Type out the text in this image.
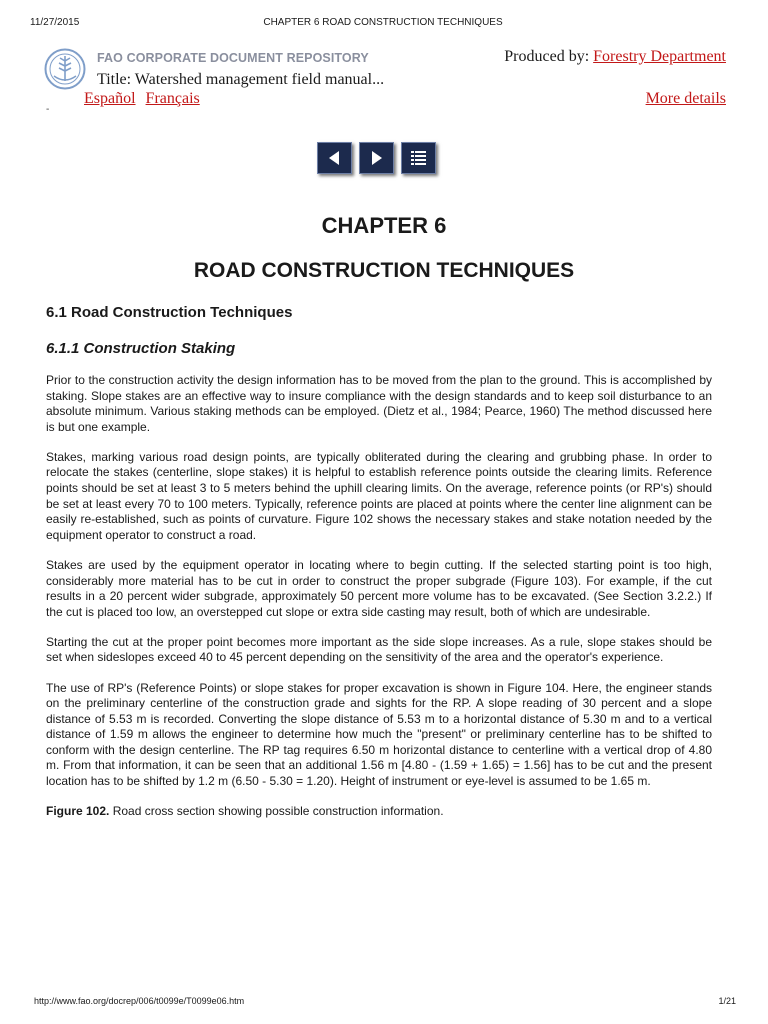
11/27/2015	CHAPTER 6 ROAD CONSTRUCTION TECHNIQUES
FAO CORPORATE DOCUMENT REPOSITORY	Produced by: Forestry Department
Title: Watershed management field manual...
Español Français	More details
-
CHAPTER 6
ROAD CONSTRUCTION TECHNIQUES
6.1 Road Construction Techniques
6.1.1 Construction Staking

Prior to the construction activity the design information has to be moved from the plan to the ground. This is accomplished by staking. Slope stakes are an effective way to insure compliance with the design standards and to keep soil disturbance to an absolute minimum. Various staking methods can be employed. (Dietz et al., 1984; Pearce, 1960) The method discussed here is but one example.

Stakes, marking various road design points, are typically obliterated during the clearing and grubbing phase. In order to relocate the stakes (centerline, slope stakes) it is helpful to establish reference points outside the clearing limits. Reference points should be set at least 3 to 5 meters behind the uphill clearing limits. On the average, reference points (or RP's) should be set at least every 70 to 100 meters. Typically, reference points are placed at points where the center line alignment can be easily re-established, such as points of curvature. Figure 102 shows the necessary stakes and stake notation needed by the equipment operator to construct a road.

Stakes are used by the equipment operator in locating where to begin cutting. If the selected starting point is too high, considerably more material has to be cut in order to construct the proper subgrade (Figure 103). For example, if the cut results in a 20 percent wider subgrade, approximately 50 percent more volume has to be excavated. (See Section 3.2.2.) If the cut is placed too low, an overstepped cut slope or extra side casting may result, both of which are undesirable.

Starting the cut at the proper point becomes more important as the side slope increases. As a rule, slope stakes should be set when sideslopes exceed 40 to 45 percent depending on the sensitivity of the area and the operator's experience.

The use of RP's (Reference Points) or slope stakes for proper excavation is shown in Figure 104. Here, the engineer stands on the preliminary centerline of the construction grade and sights for the RP. A slope reading of 30 percent and a slope distance of 5.53 m is recorded. Converting the slope distance of 5.53 m to a horizontal distance of 5.30 m and to a vertical distance of 1.59 m allows the engineer to determine how much the "present" or preliminary centerline has to be shifted to conform with the design centerline. The RP tag requires 6.50 m horizontal distance to centerline with a vertical drop of 4.80 m. From that information, it can be seen that an additional 1.56 m [4.80 - (1.59 + 1.65) = 1.56] has to be cut and the present location has to be shifted by 1.2 m (6.50 - 5.30 = 1.20). Height of instrument or eye-level is assumed to be 1.65 m.

Figure 102. Road cross section showing possible construction information.

http://www.fao.org/docrep/006/t0099e/T0099e06.htm	1/21
